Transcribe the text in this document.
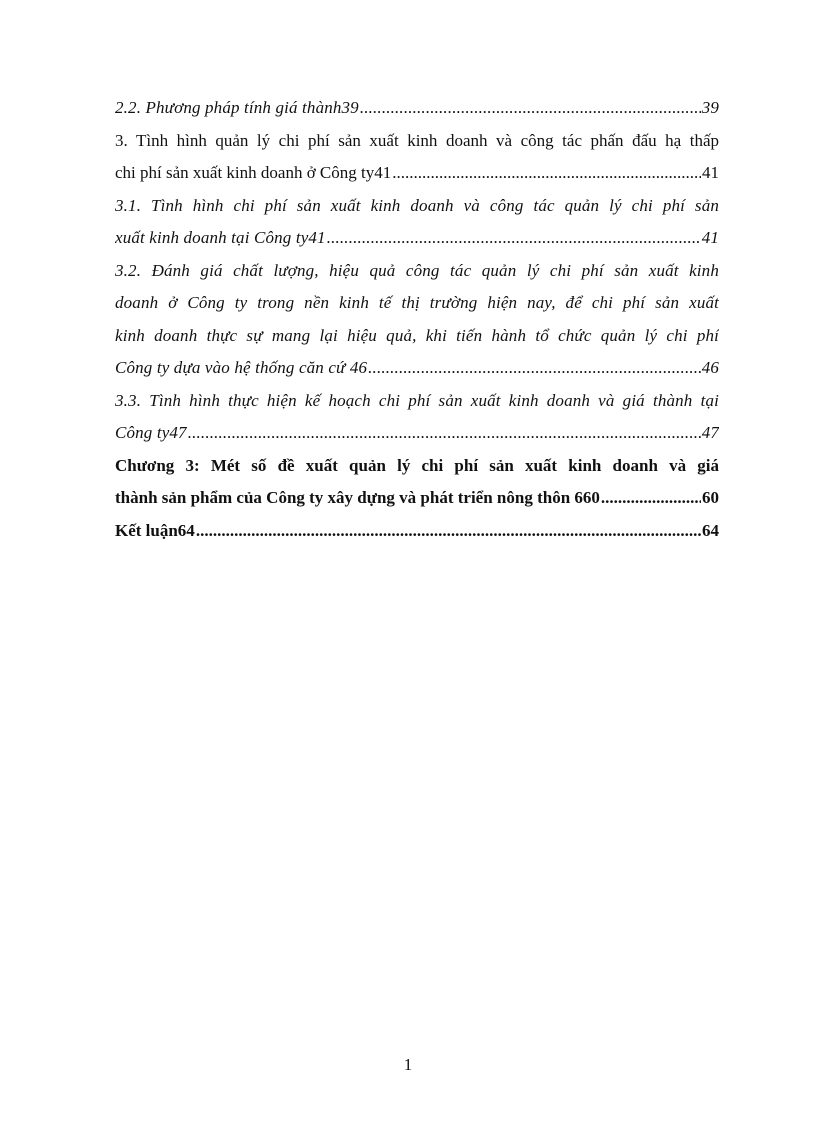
2.2. Phương pháp tính giá thành39 .....	39

3. Tình hình quản lý chi phí sản xuất kinh doanh và công tác phấn đấu hạ thấp
chi phí sản xuất kinh doanh ở Công ty41 .....	41

3.1. Tình hình chi phí sản xuất kinh doanh và công tác quản lý chi phí sản
xuất kinh doanh tại Công ty41 .....	41

3.2. Đánh giá chất lượng, hiệu quả công tác quản lý chi phí sản xuất kinh
doanh ở Công ty trong nền kinh tế thị trường hiện nay, để chi phí sản xuất
kinh doanh thực sự mang lại hiệu quả, khi tiến hành tổ chức quản lý chi phí
Công ty dựa vào hệ thống căn cứ 46 .....	46

3.3. Tình hình thực hiện kế hoạch chi phí sản xuất kinh doanh và giá thành tại
Công ty47 .....	47

Chương 3: Mét số đề xuất quản lý chi phí sản xuất kinh doanh và giá
thành sản phẩm của Công ty xây dựng và phát triển nông thôn 660 .....	60

Kết luận64 .....	64

1
